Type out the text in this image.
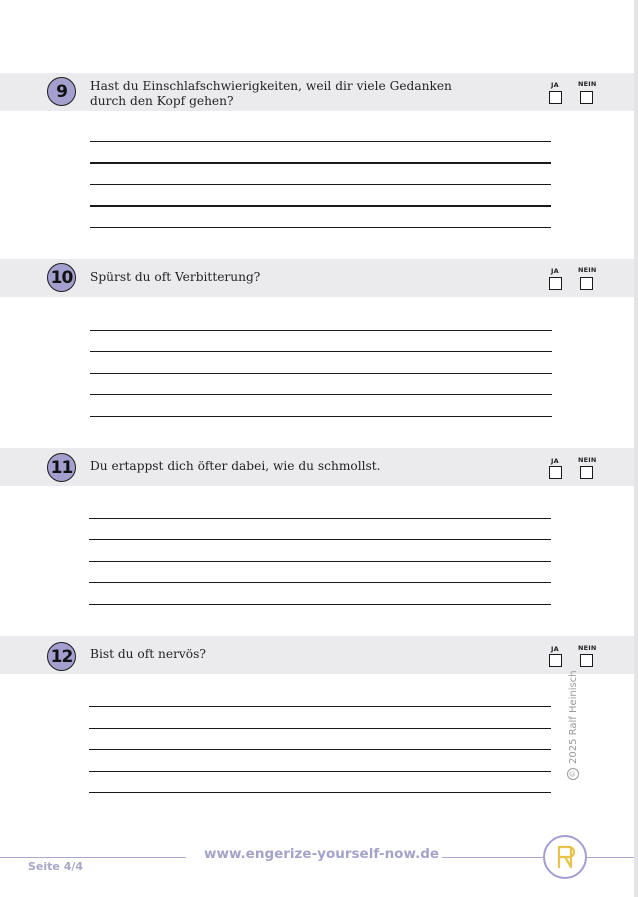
9	Hast du Einschlafschwierigkeiten, weil dir viele Gedanken
durch den Kopf gehen?
JA	NEIN
10	Spürst du oft Verbitterung?	JA	NEIN
11	Du ertappst dich öfter dabei, wie du schmollst.	JA	NEIN
12	Bist du oft nervös?	JA	NEIN
©2025 Ralf Heinisch
Seite 4/4
www.engerize-yourself-now.de
